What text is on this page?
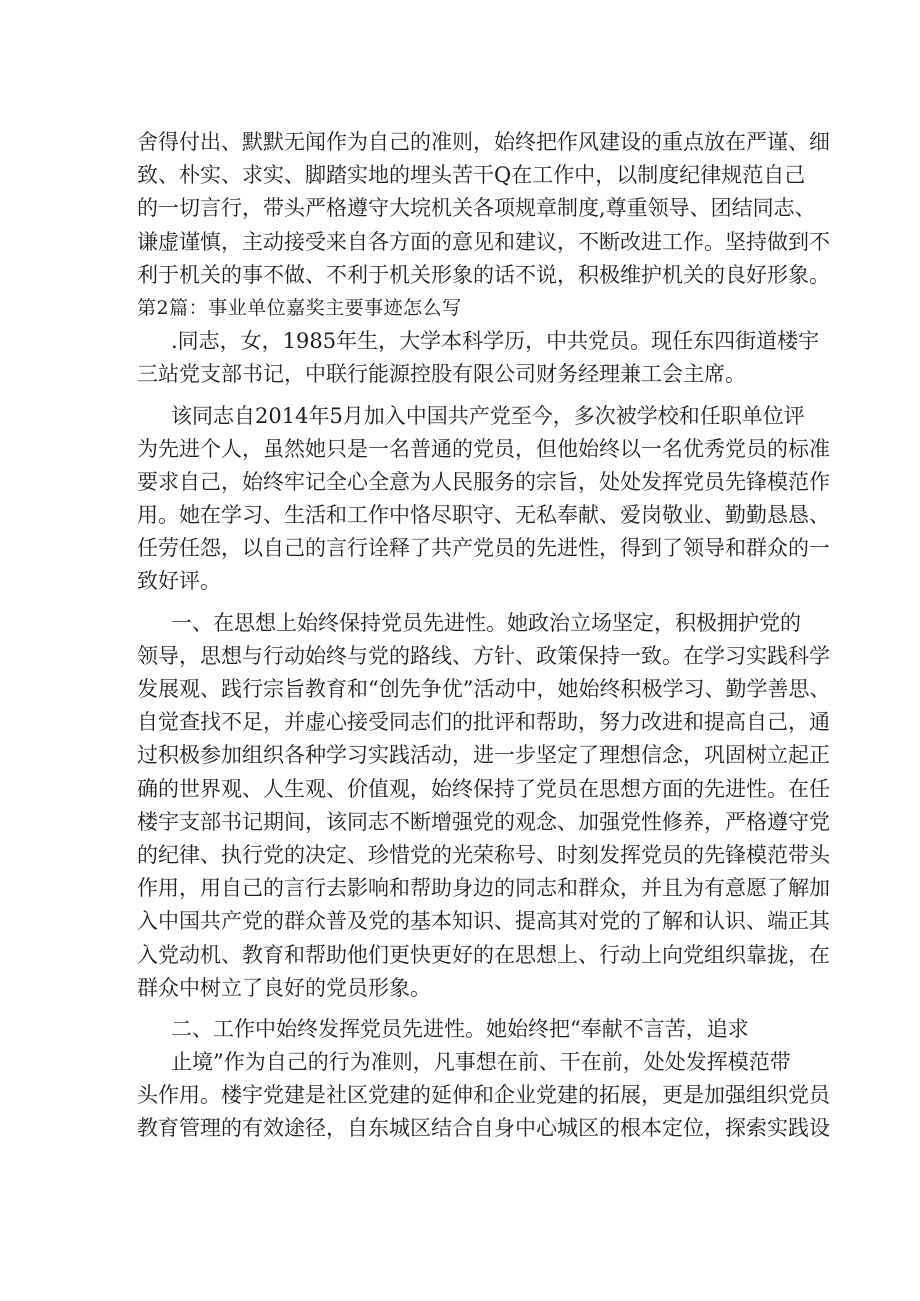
舍得付出、默默无闻作为自己的准则，始终把作风建设的重点放在严谨、细
致、朴实、求实、脚踏实地的埋头苦干Q在工作中，以制度纪律规范自己
的一切言行，带头严格遵守大垸机关各项规章制度,尊重领导、团结同志、
谦虚谨慎，主动接受来自各方面的意见和建议，不断改进工作。坚持做到不
利于机关的事不做、不利于机关形象的话不说，积极维护机关的良好形象。
第2篇：事业单位嘉奖主要事迹怎么写
.同志，女，1985年生，大学本科学历，中共党员。现任东四街道楼宇
三站党支部书记，中联行能源控股有限公司财务经理兼工会主席。
该同志自2014年5月加入中国共产党至今，多次被学校和任职单位评
为先进个人，虽然她只是一名普通的党员，但他始终以一名优秀党员的标准
要求自己，始终牢记全心全意为人民服务的宗旨，处处发挥党员先锋模范作
用。她在学习、生活和工作中恪尽职守、无私奉献、爱岗敬业、勤勤恳恳、
任劳任怨，以自己的言行诠释了共产党员的先进性，得到了领导和群众的一
致好评。
一、在思想上始终保持党员先进性。她政治立场坚定，积极拥护党的
领导，思想与行动始终与党的路线、方针、政策保持一致。在学习实践科学
发展观、践行宗旨教育和“创先争优”活动中，她始终积极学习、勤学善思、
自觉查找不足，并虚心接受同志们的批评和帮助，努力改进和提高自己，通
过积极参加组织各种学习实践活动，进一步坚定了理想信念，巩固树立起正
确的世界观、人生观、价值观，始终保持了党员在思想方面的先进性。在任
楼宇支部书记期间，该同志不断增强党的观念、加强党性修养，严格遵守党
的纪律、执行党的决定、珍惜党的光荣称号、时刻发挥党员的先锋模范带头
作用，用自己的言行去影响和帮助身边的同志和群众，并且为有意愿了解加
入中国共产党的群众普及党的基本知识、提高其对党的了解和认识、端正其
入党动机、教育和帮助他们更快更好的在思想上、行动上向党组织靠拢，在
群众中树立了良好的党员形象。
二、工作中始终发挥党员先进性。她始终把“奉献不言苦，追求
止境”作为自己的行为准则，凡事想在前、干在前，处处发挥模范带
头作用。楼宇党建是社区党建的延伸和企业党建的拓展，更是加强组织党员
教育管理的有效途径，自东城区结合自身中心城区的根本定位，探索实践设
